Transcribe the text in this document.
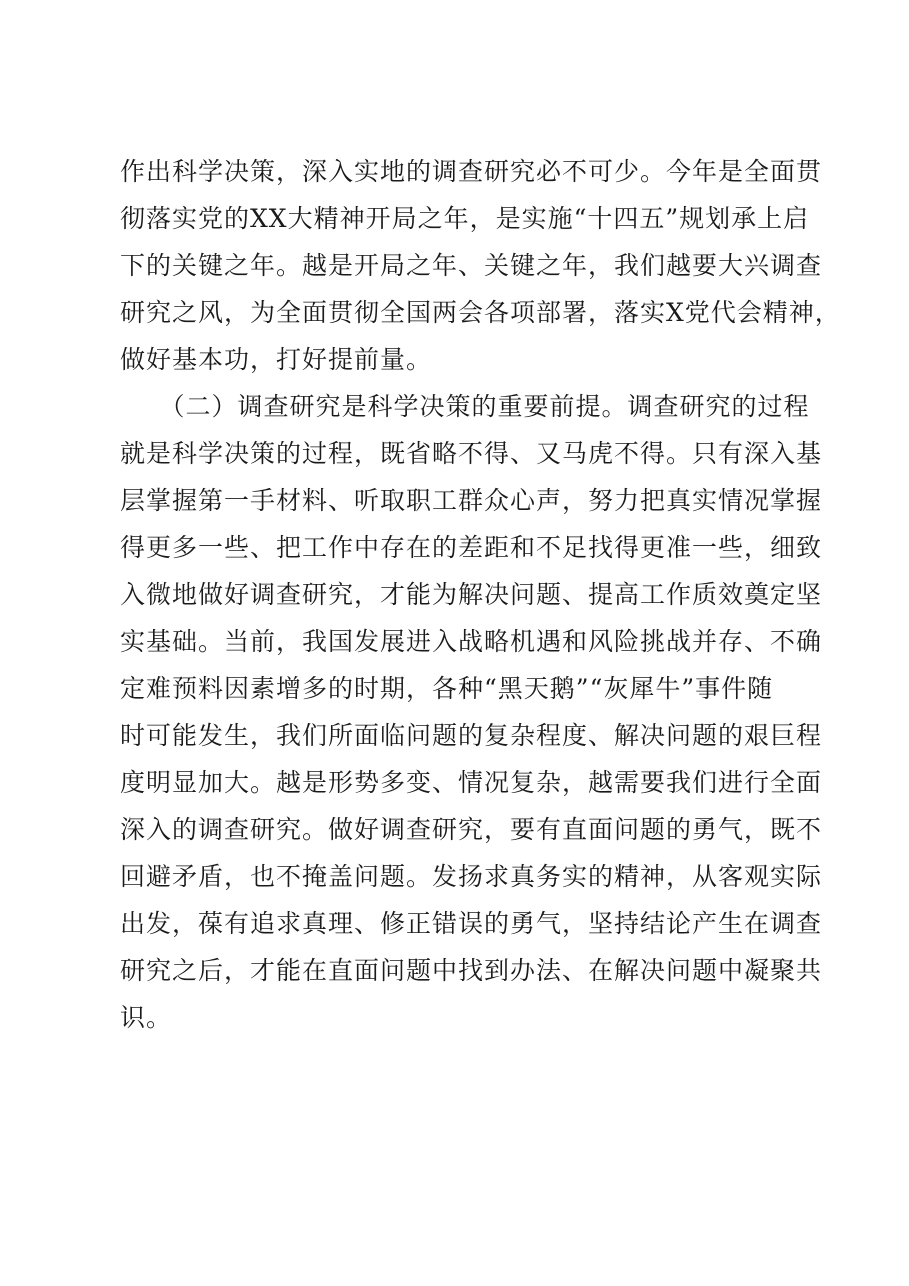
作出科学决策，深入实地的调查研究必不可少。今年是全面贯
彻落实党的XX大精神开局之年，是实施“十四五”规划承上启
下的关键之年。越是开局之年、关键之年，我们越要大兴调查
研究之风，为全面贯彻全国两会各项部署，落实X党代会精神，
做好基本功，打好提前量。
　　（二）调查研究是科学决策的重要前提。调查研究的过程
就是科学决策的过程，既省略不得、又马虎不得。只有深入基
层掌握第一手材料、听取职工群众心声，努力把真实情况掌握
得更多一些、把工作中存在的差距和不足找得更准一些，细致
入微地做好调查研究，才能为解决问题、提高工作质效奠定坚
实基础。当前，我国发展进入战略机遇和风险挑战并存、不确
定难预料因素增多的时期，各种“黑天鹅”“灰犀牛”事件随
时可能发生，我们所面临问题的复杂程度、解决问题的艰巨程
度明显加大。越是形势多变、情况复杂，越需要我们进行全面
深入的调查研究。做好调查研究，要有直面问题的勇气，既不
回避矛盾，也不掩盖问题。发扬求真务实的精神，从客观实际
出发，葆有追求真理、修正错误的勇气，坚持结论产生在调查
研究之后，才能在直面问题中找到办法、在解决问题中凝聚共
识。
